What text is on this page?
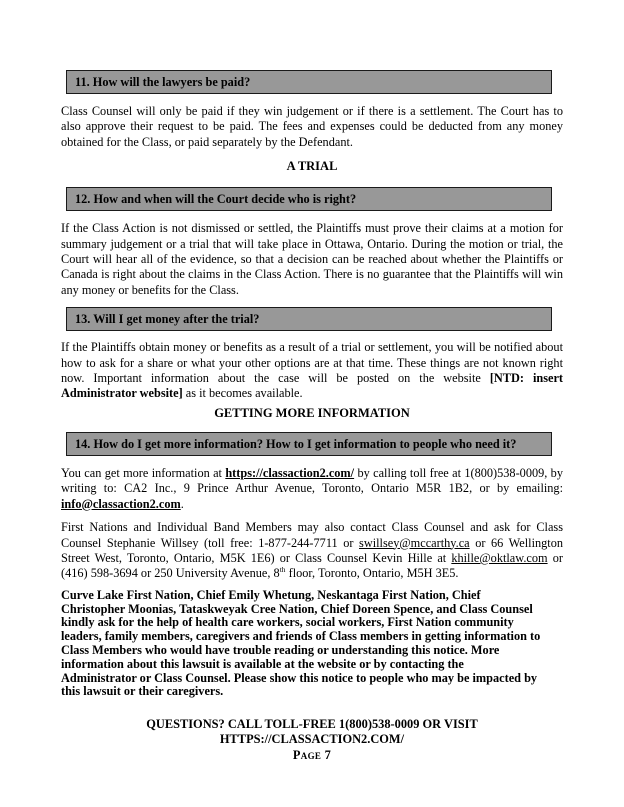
11. How will the lawyers be paid?

Class Counsel will only be paid if they win judgement or if there is a settlement. The Court has to also approve their request to be paid. The fees and expenses could be deducted from any money obtained for the Class, or paid separately by the Defendant.

A TRIAL
12. How and when will the Court decide who is right?

If the Class Action is not dismissed or settled, the Plaintiffs must prove their claims at a motion for summary judgement or a trial that will take place in Ottawa, Ontario. During the motion or trial, the Court will hear all of the evidence, so that a decision can be reached about whether the Plaintiffs or Canada is right about the claims in the Class Action. There is no guarantee that the Plaintiffs will win any money or benefits for the Class.

13. Will I get money after the trial?

If the Plaintiffs obtain money or benefits as a result of a trial or settlement, you will be notified about how to ask for a share or what your other options are at that time. These things are not known right now. Important information about the case will be posted on the website [NTD: insert Administrator website] as it becomes available.

GETTING MORE INFORMATION
14. How do I get more information? How to I get information to people who need it?

You can get more information at https://classaction2.com/ by calling toll free at 1(800)538-0009, by writing to: CA2 Inc., 9 Prince Arthur Avenue, Toronto, Ontario M5R 1B2, or by emailing: info@classaction2.com.

First Nations and Individual Band Members may also contact Class Counsel and ask for Class Counsel Stephanie Willsey (toll free: 1-877-244-7711 or swillsey@mccarthy.ca or 66 Wellington Street West, Toronto, Ontario, M5K 1E6) or Class Counsel Kevin Hille at khille@oktlaw.com or (416) 598-3694 or 250 University Avenue, 8th floor, Toronto, Ontario, M5H 3E5.

Curve Lake First Nation, Chief Emily Whetung, Neskantaga First Nation, Chief
Christopher Moonias, Tataskweyak Cree Nation, Chief Doreen Spence, and Class Counsel
kindly ask for the help of health care workers, social workers, First Nation community
leaders, family members, caregivers and friends of Class members in getting information to
Class Members who would have trouble reading or understanding this notice. More
information about this lawsuit is available at the website or by contacting the
Administrator or Class Counsel. Please show this notice to people who may be impacted by
this lawsuit or their caregivers.
QUESTIONS? CALL TOLL-FREE 1(800)538-0009 OR VISIT
HTTPS://CLASSACTION2.COM/
Page 7
